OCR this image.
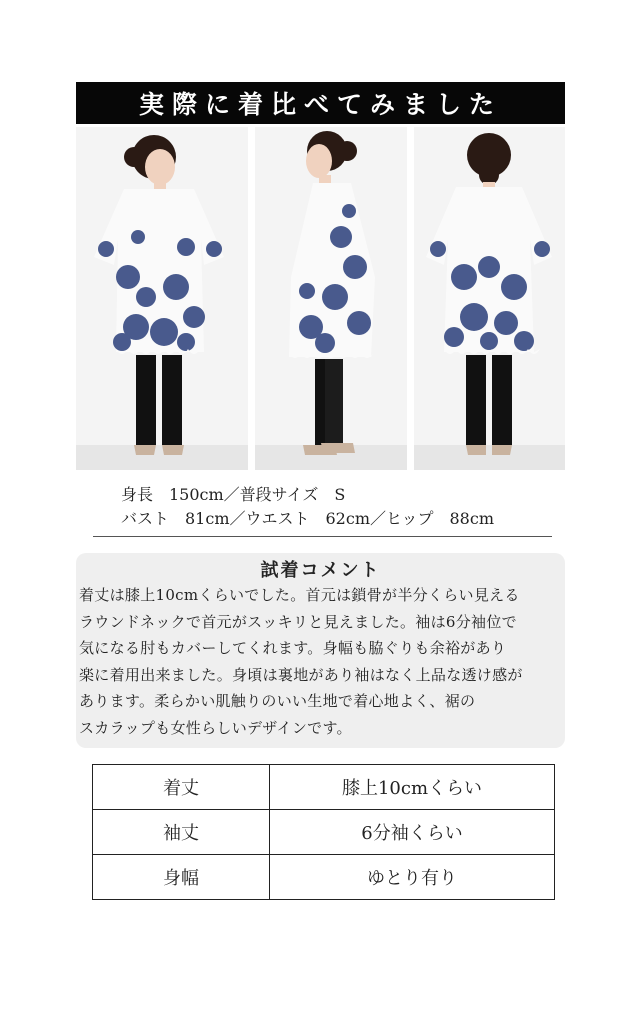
実際に着比べてみました
身長　150cm／普段サイズ　S
バスト　81cm／ウエスト　62cm／ヒップ　88cm
試着コメント
着丈は膝上10cmくらいでした。首元は鎖骨が半分くらい見える
ラウンドネックで首元がスッキリと見えました。袖は6分袖位で
気になる肘もカバーしてくれます。身幅も脇ぐりも余裕があり
楽に着用出来ました。身頃は裏地があり袖はなく上品な透け感が
あります。柔らかい肌触りのいい生地で着心地よく、裾の
スカラップも女性らしいデザインです。
着丈	膝上10cmくらい
袖丈	6分袖くらい
身幅	ゆとり有り
